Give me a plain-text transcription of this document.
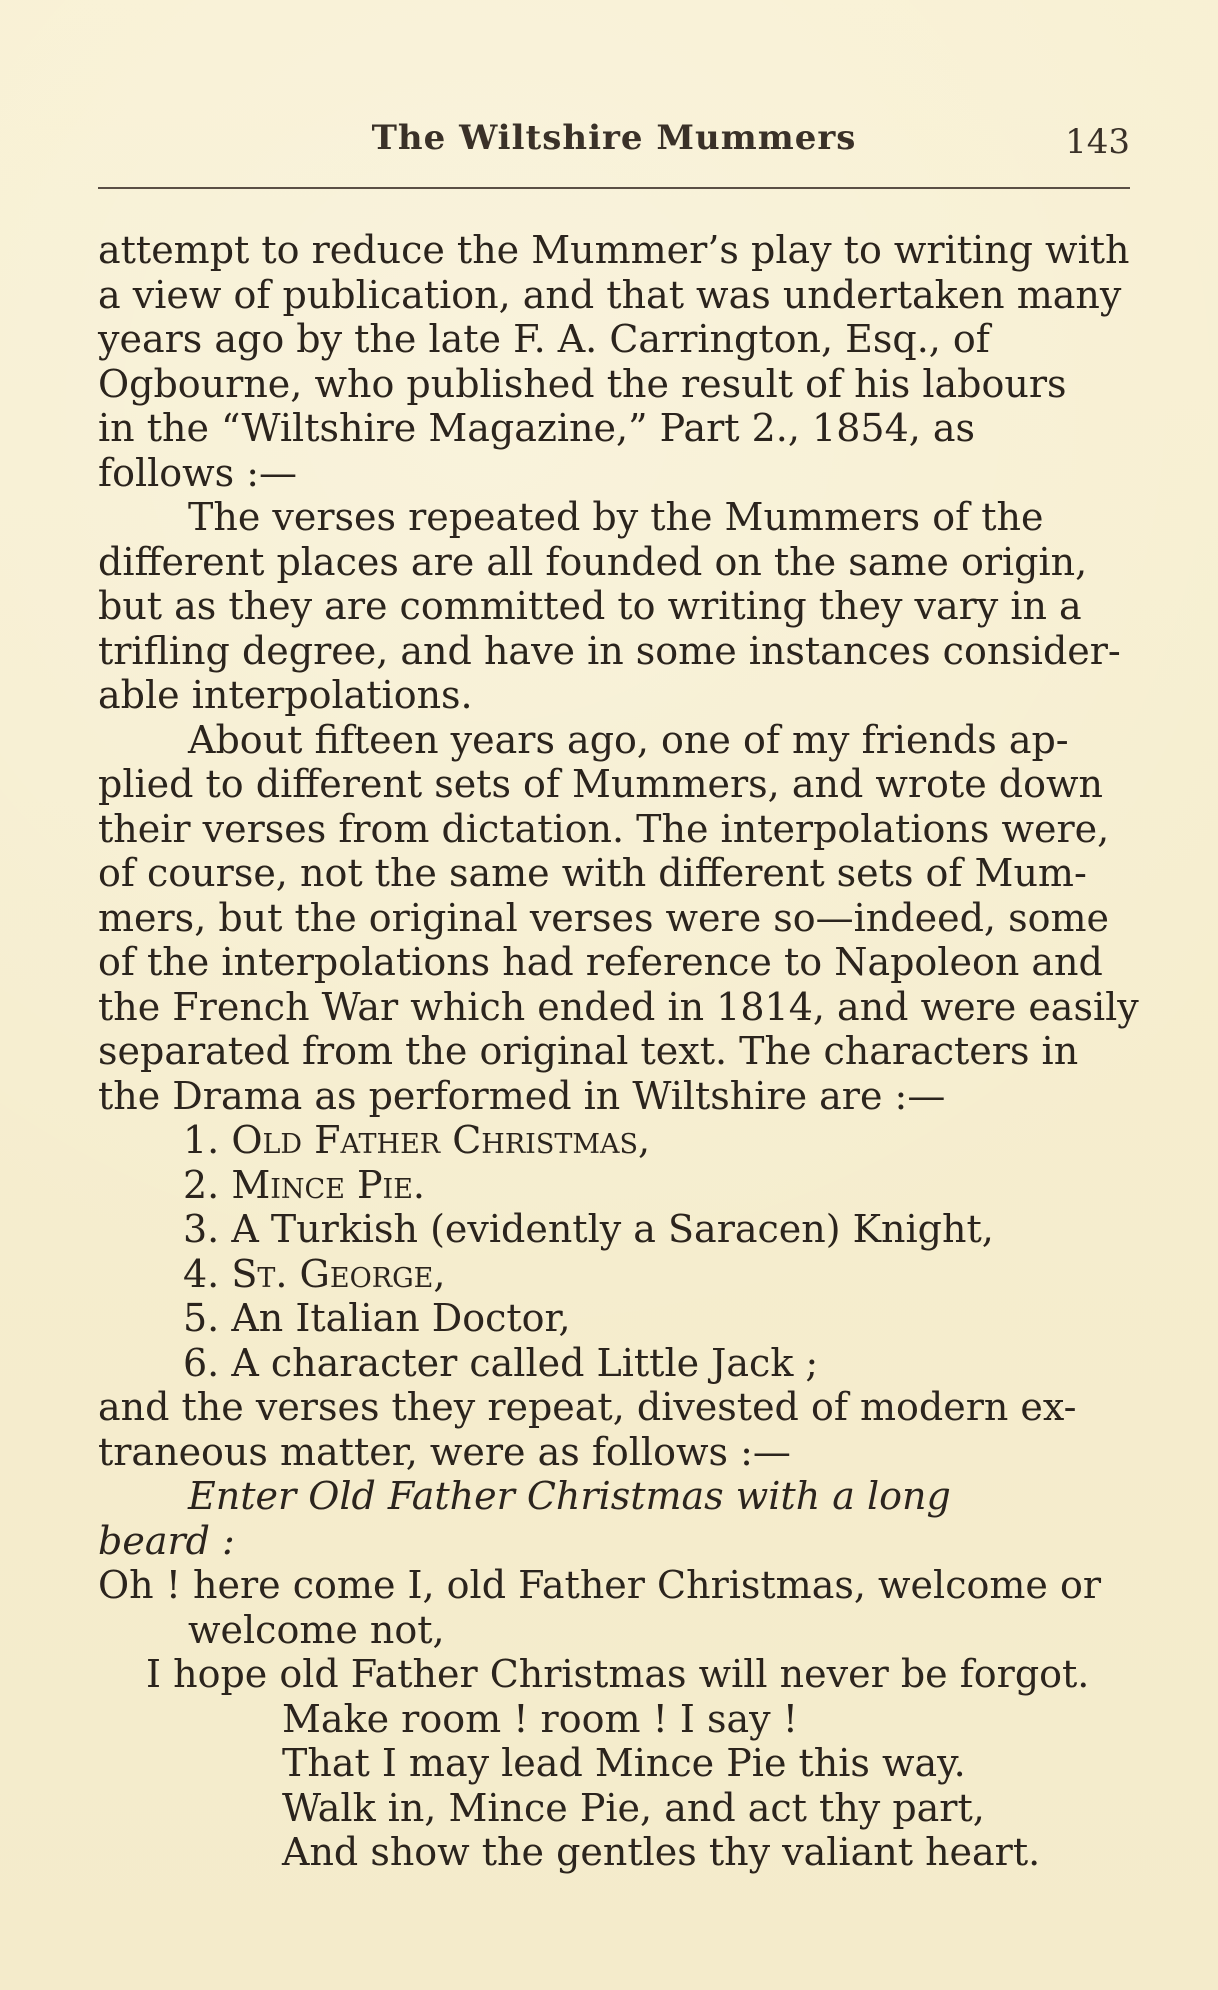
The Wiltshire Mummers	143
attempt to reduce the Mummer’s play to writing with
a view of publication, and that was undertaken many
years ago by the late F. A. Carrington, Esq., of
Ogbourne, who published the result of his labours
in the “Wiltshire Magazine,” Part 2., 1854, as
follows :—
The verses repeated by the Mummers of the
different places are all founded on the same origin,
but as they are committed to writing they vary in a
trifling degree, and have in some instances consider-
able interpolations.
About fifteen years ago, one of my friends ap-
plied to different sets of Mummers, and wrote down
their verses from dictation. The interpolations were,
of course, not the same with different sets of Mum-
mers, but the original verses were so—indeed, some
of the interpolations had reference to Napoleon and
the French War which ended in 1814, and were easily
separated from the original text. The characters in
the Drama as performed in Wiltshire are :—
1. Old Father Christmas,
2. Mince Pie.
3. A Turkish (evidently a Saracen) Knight,
4. St. George,
5. An Italian Doctor,
6. A character called Little Jack ;
and the verses they repeat, divested of modern ex-
traneous matter, were as follows :—
Enter Old Father Christmas with a long
beard :
Oh ! here come I, old Father Christmas, welcome or
welcome not,
I hope old Father Christmas will never be forgot.
Make room ! room ! I say !
That I may lead Mince Pie this way.
Walk in, Mince Pie, and act thy part,
And show the gentles thy valiant heart.
